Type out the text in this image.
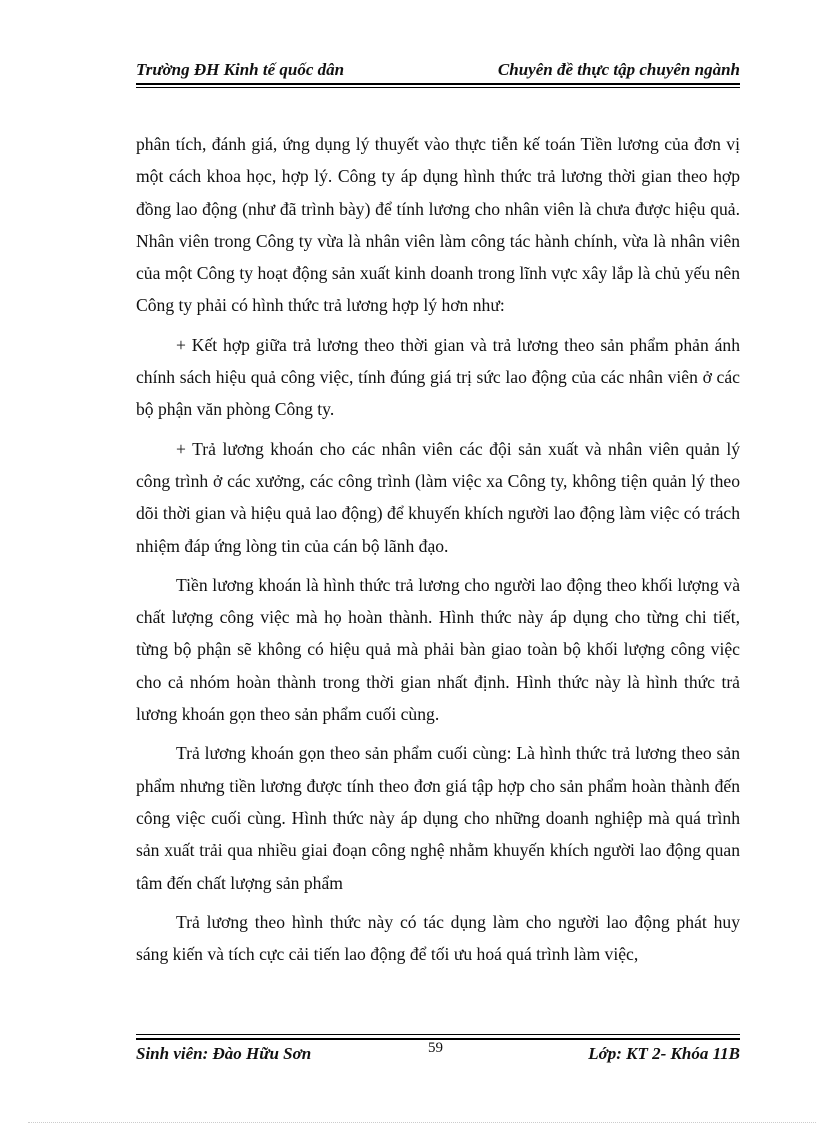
Trường ĐH Kinh tế quốc dân	Chuyên đề thực tập chuyên ngành

phân tích, đánh giá, ứng dụng lý thuyết vào thực tiễn kế toán Tiền lương của đơn vị một cách khoa học, hợp lý. Công ty áp dụng hình thức trả lương thời gian theo hợp đồng lao động (như đã trình bày) để tính lương cho nhân viên là chưa được hiệu quả. Nhân viên trong Công ty vừa là nhân viên làm công tác hành chính, vừa là nhân viên của một Công ty hoạt động sản xuất kinh doanh trong lĩnh vực xây lắp là chủ yếu nên Công ty phải có hình thức trả lương hợp lý hơn như:

+ Kết hợp giữa trả lương theo thời gian và trả lương theo sản phẩm phản ánh chính sách hiệu quả công việc, tính đúng giá trị sức lao động của các nhân viên ở các bộ phận văn phòng Công ty.

+ Trả lương khoán cho các nhân viên các đội sản xuất và nhân viên quản lý công trình ở các xưởng, các công trình (làm việc xa Công ty, không tiện quản lý theo dõi thời gian và hiệu quả lao động) để khuyến khích người lao động làm việc có trách nhiệm đáp ứng lòng tin của cán bộ lãnh đạo.

Tiền lương khoán là hình thức trả lương cho người lao động theo khối lượng và chất lượng công việc mà họ hoàn thành. Hình thức này áp dụng cho từng chi tiết, từng bộ phận sẽ không có hiệu quả mà phải bàn giao toàn bộ khối lượng công việc cho cả nhóm hoàn thành trong thời gian nhất định. Hình thức này là hình thức trả lương khoán gọn theo sản phẩm cuối cùng.

Trả lương khoán gọn theo sản phẩm cuối cùng: Là hình thức trả lương theo sản phẩm nhưng tiền lương được tính theo đơn giá tập hợp cho sản phẩm hoàn thành đến công việc cuối cùng. Hình thức này áp dụng cho những doanh nghiệp mà quá trình sản xuất trải qua nhiều giai đoạn công nghệ nhằm khuyến khích người lao động quan tâm đến chất lượng sản phẩm

Trả lương theo hình thức này có tác dụng làm cho người lao động phát huy sáng kiến và tích cực cải tiến lao động để tối ưu hoá quá trình làm việc,

Sinh viên: Đào Hữu Sơn	59	Lớp: KT 2- Khóa 11B
